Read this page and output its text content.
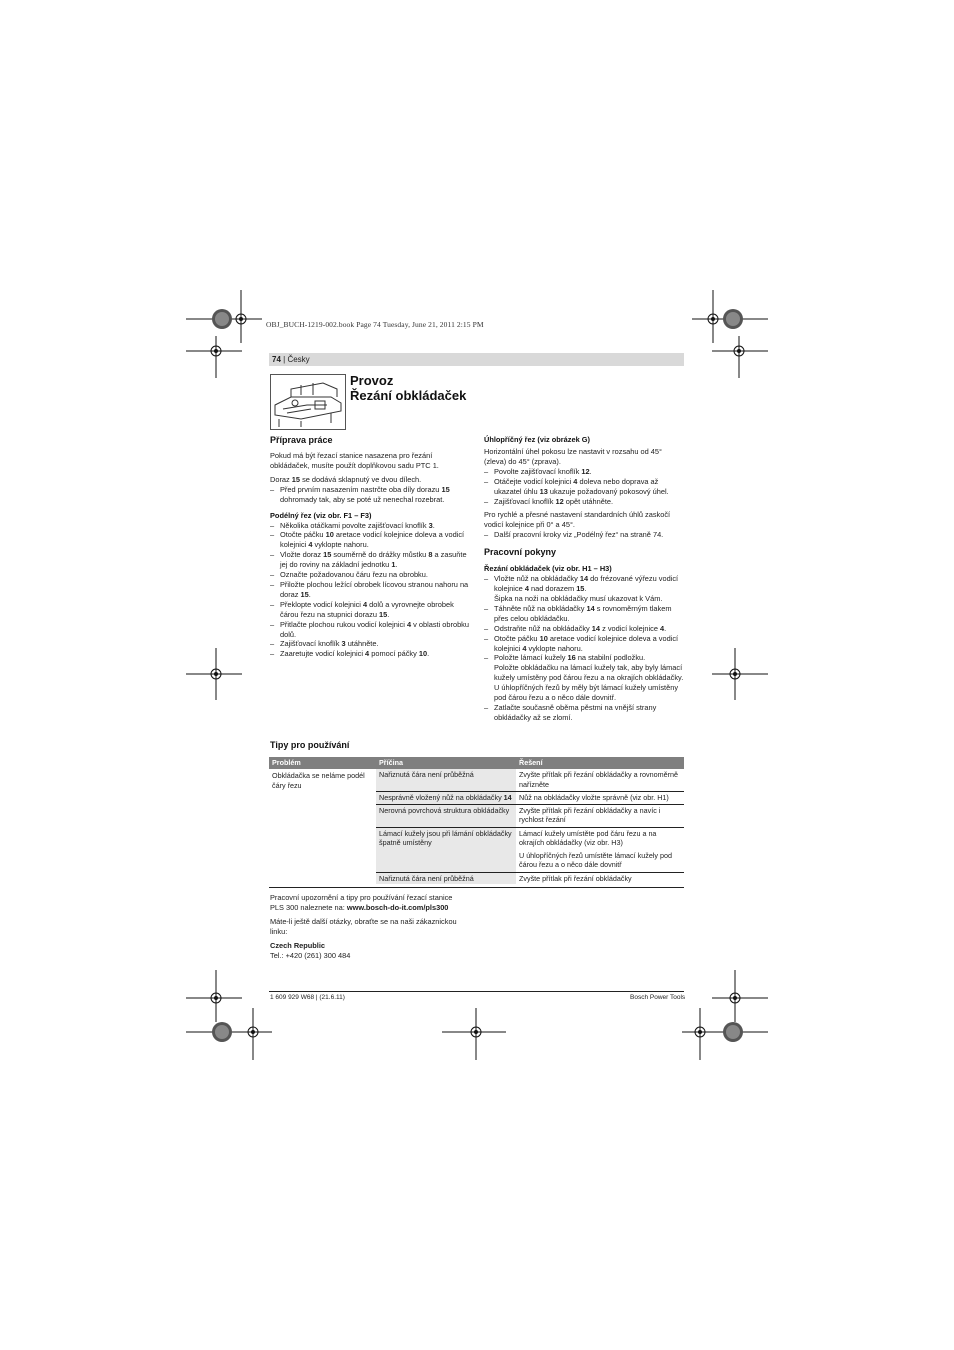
OBJ_BUCH-1219-002.book Page 74 Tuesday, June 21, 2011 2:15 PM
74 | Česky
Provoz
Řezání obkládaček
Příprava práce

Pokud má být řezací stanice nasazena pro řezání obkládaček, musíte použít doplňkovou sadu PTC 1.

Doraz 15 se dodává sklapnutý ve dvou dílech.

– Před prvním nasazením nastrčte oba díly dorazu 15 dohromady tak, aby se poté už nenechal rozebrat.
Podélný řez (viz obr. F1 – F3)
– Několika otáčkami povolte zajišťovací knoflík 3.
– Otočte páčku 10 aretace vodicí kolejnice doleva a vodicí kolejnici 4 vyklopte nahoru.
– Vložte doraz 15 souměrně do drážky můstku 8 a zasuňte jej do roviny na základní jednotku 1.
– Označte požadovanou čáru řezu na obrobku.
– Přiložte plochou ležící obrobek lícovou stranou nahoru na doraz 15.
– Překlopte vodicí kolejnici 4 dolů a vyrovnejte obrobek čárou řezu na stupnici dorazu 15.
– Přitlačte plochou rukou vodicí kolejnici 4 v oblasti obrobku dolů.
– Zajišťovací knoflík 3 utáhněte.
– Zaaretujte vodicí kolejnici 4 pomocí páčky 10.
Úhlopříčný řez (viz obrázek G)

Horizontální úhel pokosu lze nastavit v rozsahu od 45° (zleva) do 45° (zprava).

– Povolte zajišťovací knoflík 12.
– Otáčejte vodicí kolejnici 4 doleva nebo doprava až ukazatel úhlu 13 ukazuje požadovaný pokosový úhel.
– Zajišťovací knoflík 12 opět utáhněte.

Pro rychlé a přesné nastavení standardních úhlů zaskočí vodicí kolejnice při 0° a 45°.

– Další pracovní kroky viz „Podélný řez“ na straně 74.
Pracovní pokyny
Řezání obkládaček (viz obr. H1 – H3)
– Vložte nůž na obkládačky 14 do frézované výřezu vodicí kolejnice 4 nad dorazem 15.
Šipka na noži na obkládačky musí ukazovat k Vám.
– Táhněte nůž na obkládačky 14 s rovnoměrným tlakem přes celou obkládačku.
– Odstraňte nůž na obkládačky 14 z vodicí kolejnice 4.
– Otočte páčku 10 aretace vodicí kolejnice doleva a vodicí kolejnici 4 vyklopte nahoru.
– Položte lámací kužely 16 na stabilní podložku.
Položte obkládačku na lámací kužely tak, aby byly lámací kužely umístěny pod čárou řezu a na okrajích obkládačky. U úhlopříčných řezů by měly být lámací kužely umístěny pod čárou řezu a o něco dále dovnitř.
– Zatlačte současně oběma pěstmi na vnější strany obkládačky až se zlomí.
Tipy pro používání
Problém	Příčina	Řešení
Obkládačka se nelámе podél čáry řezu	Nařiznutá čára není průběžná	Zvyšte přítlak při řezání obkládačky a rovnoměrně nařízněte
	Nesprávně vložený nůž na obkládačky 14	Nůž na obkládačky vložte správně (viz obr. H1)
	Nerovná povrchová struktura obkládačky	Zvyšte přítlak při řezání obkládačky a navíc i rychlost řezání
	Lámací kužely jsou při lámání obkládačky špatně umístěny	Lámací kužely umístěte pod čáru řezu a na okrajích obkládačky (viz obr. H3)
U úhlopříčných řezů umístěte lámací kužely pod čárou řezu a o něco dále dovnitř

	Nařiznutá čára není průběžná	Zvyšte přítlak při řezání obkládačky

Pracovní upozornění a tipy pro používání řezací stanice PLS 300 naleznete na: www.bosch-do-it.com/pls300

Máte-li ještě další otázky, obraťte se na naši zákaznickou linku:

Czech Republic

Tel.: +420 (261) 300 484

1 609 929 W68 | (21.6.11)	Bosch Power Tools
